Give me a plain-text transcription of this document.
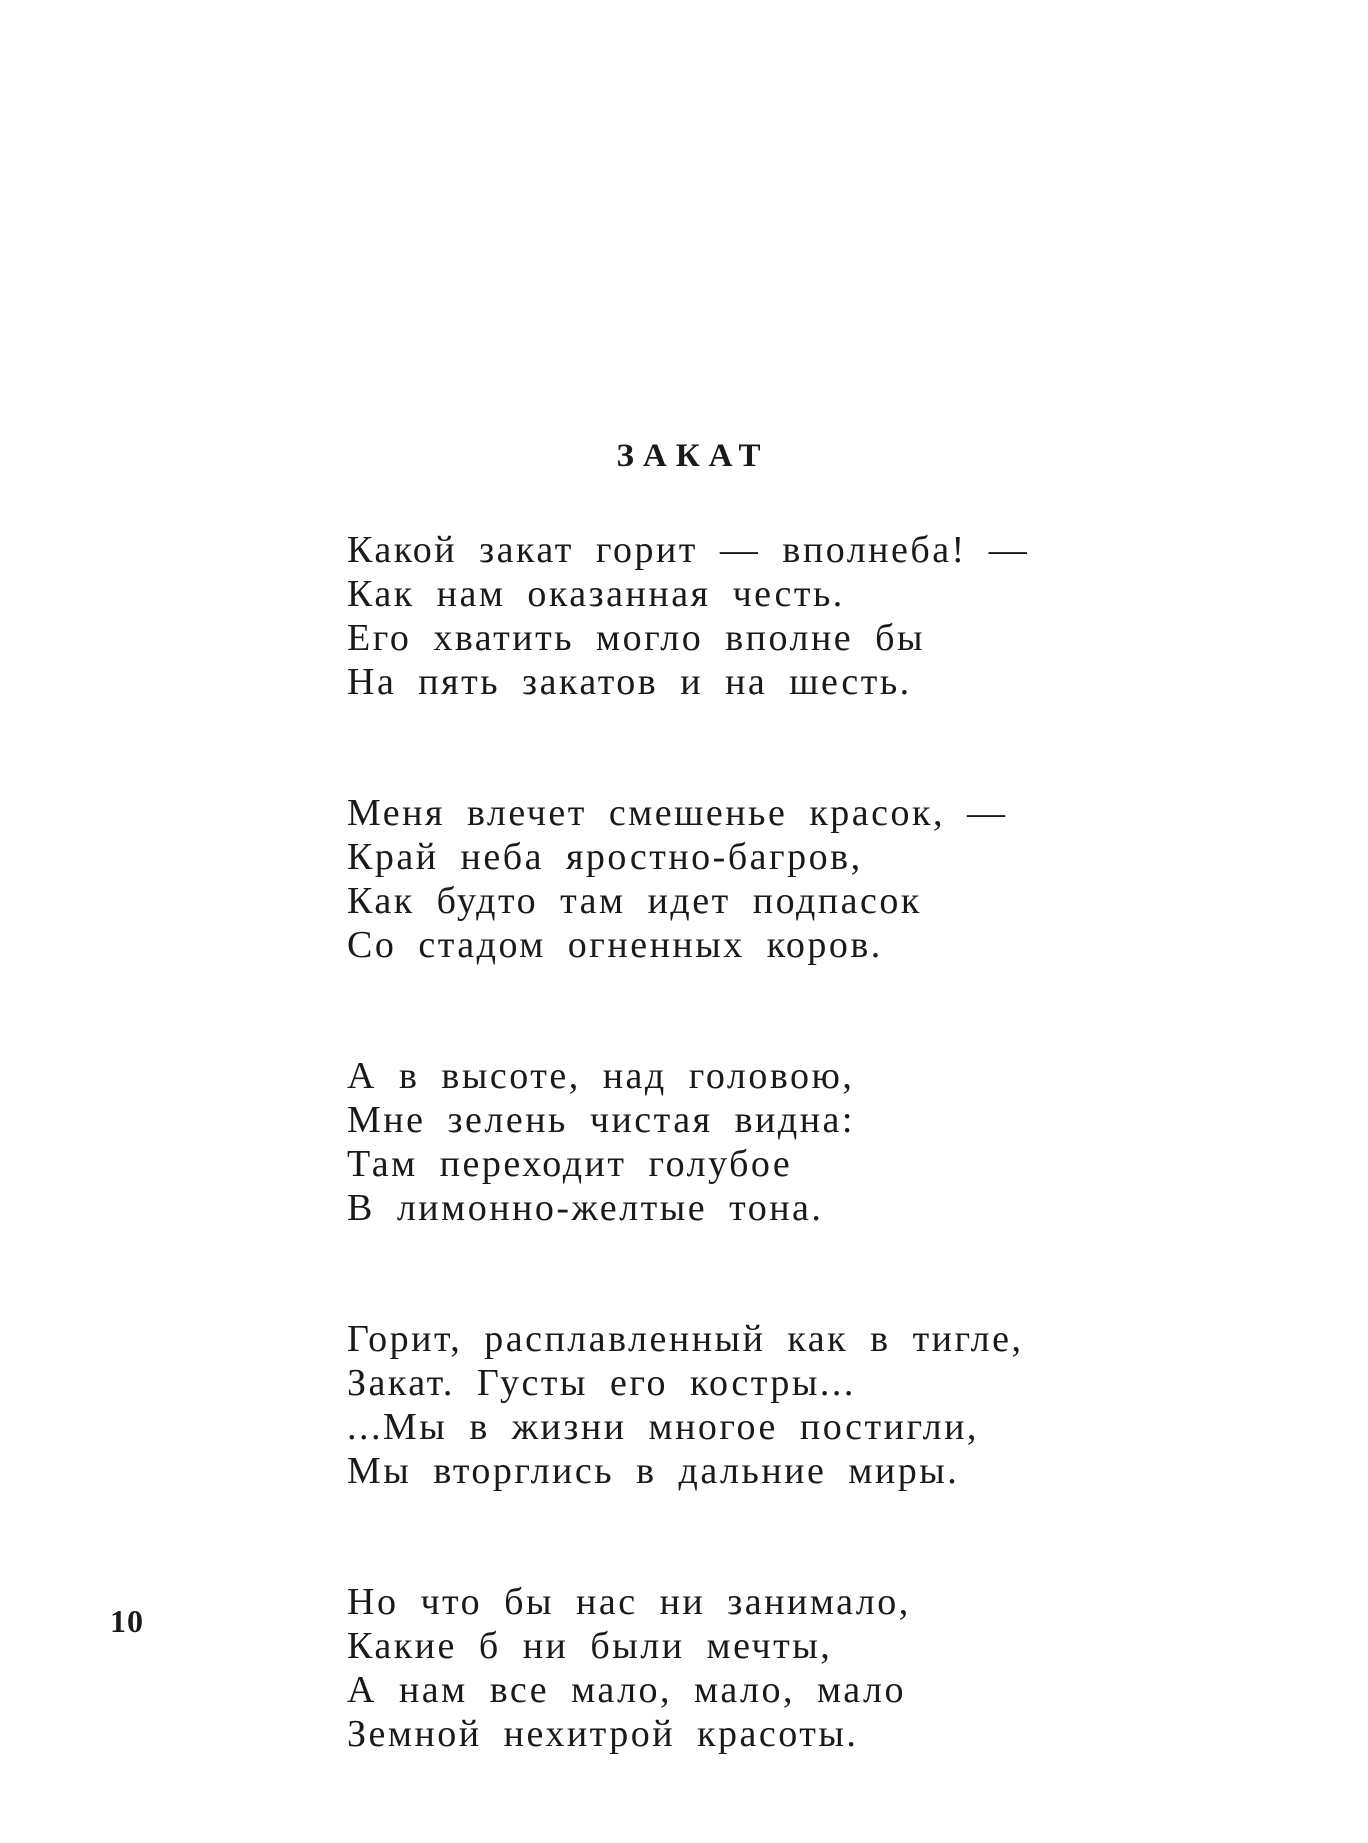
ЗАКАТ
Какой закат горит — вполнеба! —
Как нам оказанная честь.
Его хватить могло вполне бы
На пять закатов и на шесть.
Меня влечет смешенье красок, —
Край неба яростно-багров,
Как будто там идет подпасок
Со стадом огненных коров.
А в высоте, над головою,
Мне зелень чистая видна:
Там переходит голубое
В лимонно-желтые тона.
Горит, расплавленный как в тигле,
Закат. Густы его костры...
...Мы в жизни многое постигли,
Мы вторглись в дальние миры.
Но что бы нас ни занимало,
Какие б ни были мечты,
А нам все мало, мало, мало
Земной нехитрой красоты.
10
